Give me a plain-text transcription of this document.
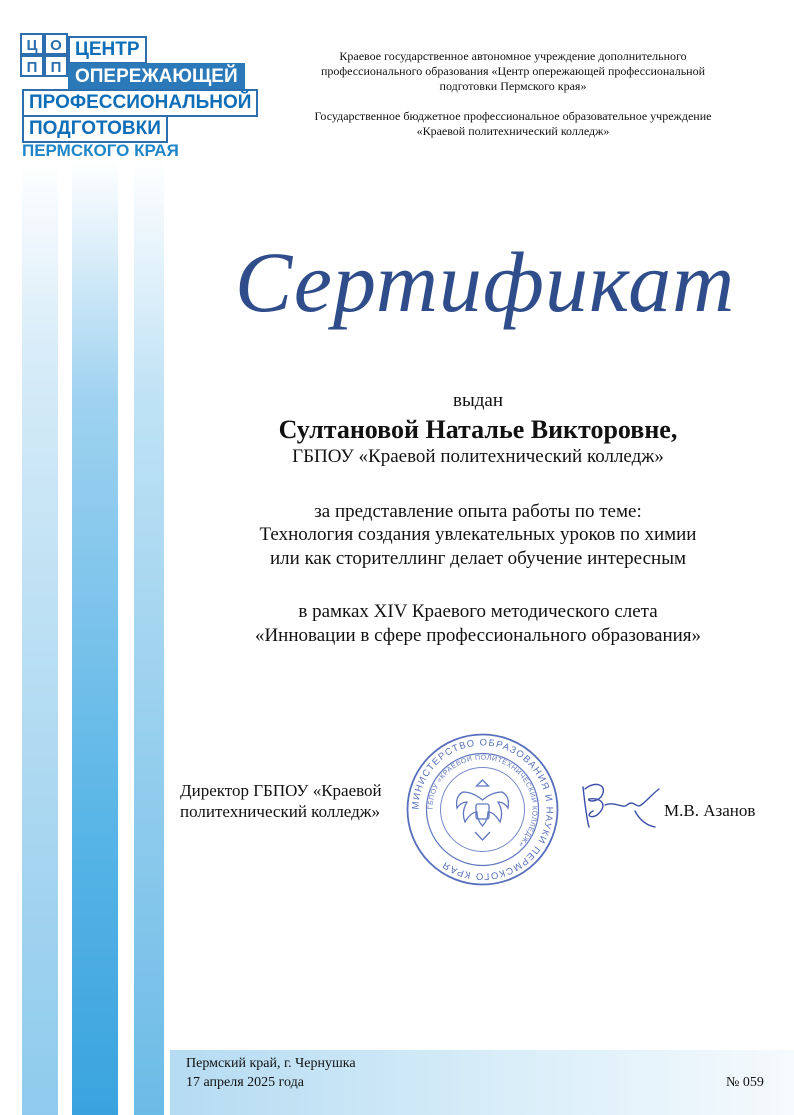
Ц О
П П
ЦЕНТР
ОПЕРЕЖАЮЩЕЙ
ПРОФЕССИОНАЛЬНОЙ
ПОДГОТОВКИ
ПЕРМСКОГО КРАЯ
Краевое государственное автономное учреждение дополнительного
профессионального образования «Центр опережающей профессиональной
подготовки Пермского края»
Государственное бюджетное профессиональное образовательное учреждение
«Краевой политехнический колледж»
Сертификат
выдан
Султановой Наталье Викторовне,
ГБПОУ «Краевой политехнический колледж»
за представление опыта работы по теме:
Технология создания увлекательных уроков по химии
или как сторителлинг делает обучение интересным
в рамках XIV Краевого методического слета
«Инновации в сфере профессионального образования»
Директор ГБПОУ «Краевой
политехнический колледж»	МИНИСТЕРСТВО ОБРАЗОВАНИЯ И НАУКИ ПЕРМСКОГО КРАЯ
ГБПОУ «КРАЕВОЙ ПОЛИТЕХНИЧЕСКИЙ КОЛЛЕДЖ»
М.В. Азанов
Пермский край, г. Чернушка
17 апреля 2025 года	№ 059
